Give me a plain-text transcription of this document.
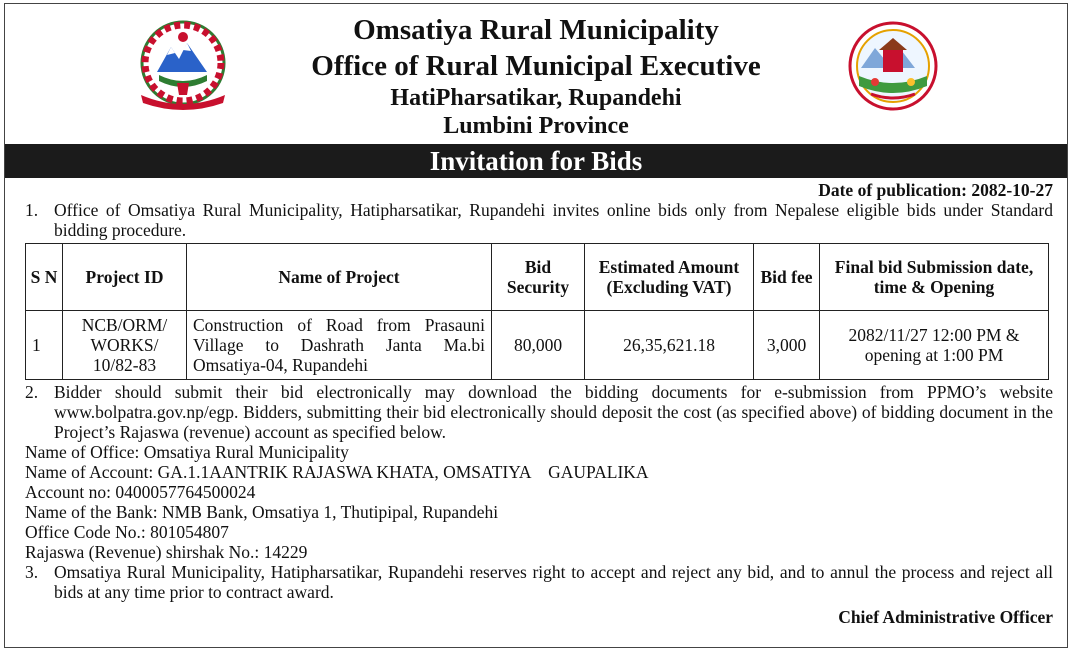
Omsatiya Rural Municipality
Office of Rural Municipal Executive
HatiPharsatikar, Rupandehi
Lumbini Province
Invitation for Bids
Date of publication: 2082-10-27
1. Office of Omsatiya Rural Municipality, Hatipharsatikar, Rupandehi invites online bids only from Nepalese eligible bids under Standard bidding procedure.
S N	Project ID	Name of Project	Bid Security	Estimated Amount (Excluding VAT)	Bid fee	Final bid Submission date, time & Opening
1	NCB/ORM/ WORKS/ 10/82-83	Construction of Road from Prasauni Village to Dashrath Janta Ma.bi Omsatiya-04, Rupandehi	80,000	26,35,621.18	3,000	2082/11/27 12:00 PM & opening at 1:00 PM
2. Bidder should submit their bid electronically may download the bidding documents for e-submission from PPMO’s website www.bolpatra.gov.np/egp. Bidders, submitting their bid electronically should deposit the cost (as specified above) of bidding document in the Project’s Rajaswa (revenue) account as specified below.
Name of Office: Omsatiya Rural Municipality
Name of Account: GA.1.1AANTRIK RAJASWA KHATA, OMSATIYA    GAUPALIKA
Account no: 0400057764500024
Name of the Bank: NMB Bank, Omsatiya 1, Thutipipal, Rupandehi
Office Code No.: 801054807
Rajaswa (Revenue) shirshak No.: 14229
3. Omsatiya Rural Municipality, Hatipharsatikar, Rupandehi reserves right to accept and reject any bid, and to annul the process and reject all bids at any time prior to contract award.
Chief Administrative Officer
